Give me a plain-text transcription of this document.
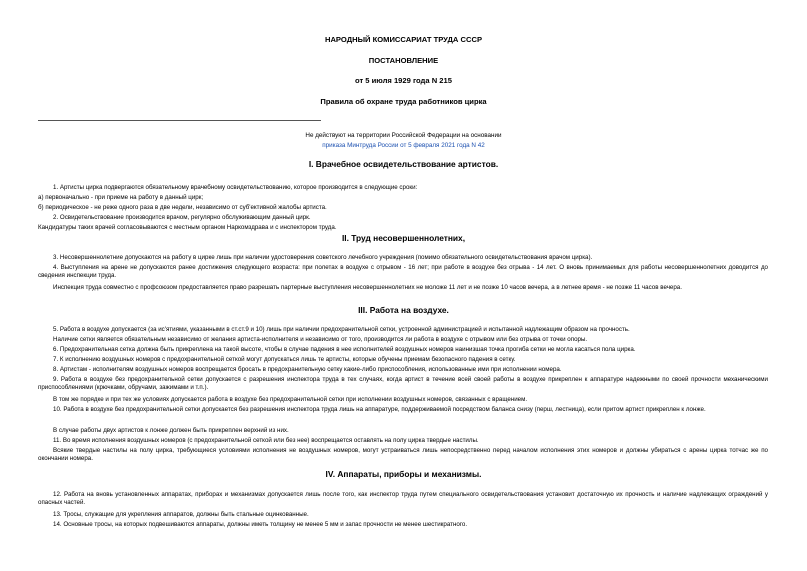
НАРОДНЫЙ КОМИССАРИАТ ТРУДА СССР
ПОСТАНОВЛЕНИЕ
от 5 июля 1929 года N 215
Правила об охране труда работников цирка
Не действуют на территории Российской Федерации на основании
приказа Минтруда России от 5 февраля 2021 года N 42
I. Врачебное освидетельствование артистов.
1. Артисты цирка подвергаются обязательному врачебному освидетельствованию, которое производится в следующие сроки:
а) первоначально - при приеме на работу в данный цирк;
б) периодическое - не реже одного раза в две недели, независимо от суб'ективной жалобы артиста.
2. Освидетельствование производится врачом, регулярно обслуживающим данный цирк.
Кандидатуры таких врачей согласовываются с местным органом Наркомздрава и с инспектором труда.
II. Труд несовершеннолетних,
3. Несовершеннолетние допускаются на работу в цирке лишь при наличии удостоверения советского лечебного учреждения (помимо обязательного освидетельствования врачом цирка).
4. Выступления на арене не допускаются ранее достижения следующего возраста: при полетах в воздухе с отрывом - 16 лет; при работе в воздухе без отрыва - 14 лет. О вновь принимаемых для работы несовершеннолетних доводится до сведения инспекции труда.
Инспекция труда совместно с профсоюзом предоставляется право разрешать партерные выступления несовершеннолетних не моложе 11 лет и не позже 10 часов вечера, а в летнее время - не позже 11 часов вечера.
III. Работа на воздухе.
5. Работа в воздухе допускается (за ис'ятиями, указанными в ст.ст.9 и 10) лишь при наличии предохранительной сетки, устроенной администрацией и испытанной надлежащим образом на прочность.
Наличие сетки является обязательным независимо от желания артиста-исполнителя и независимо от того, производится ли работа в воздухе с отрывом или без отрыва от точки опоры.
6. Предохранительная сетка должна быть прикреплена на такой высоте, чтобы в случае падения в нее исполнителей воздушных номеров наинизшая точка прогиба сетки не могла касаться пола цирка.
7. К исполнению воздушных номеров с предохранительной сеткой могут допускаться лишь те артисты, которые обучены приемам безопасного падения в сетку.
8. Артистам - исполнителям воздушных номеров воспрещается бросать в предохранительную сетку какие-либо приспособления, использованные ими при исполнении номера.
9. Работа в воздухе без предохранительной сетки допускается с разрешения инспектора труда в тех случаях, когда артист в течение всей своей работы в воздухе прикреплен к аппаратуре надежными по своей прочности механическими приспособлениями (крючками, обручами, зажимами и т.п.).
В том же порядке и при тех же условиях допускается работа в воздухе без предохранительной сетки при исполнении воздушных номеров, связанных с вращением.
10. Работа в воздухе без предохранительной сетки допускается без разрешения инспектора труда лишь на аппаратуре, поддерживаемой посредством баланса снизу (перш, лестница), если притом артист прикреплен к лонже.
В случае работы двух артистов к лонже должен быть прикреплен верхний из них.
11. Во время исполнения воздушных номеров (с предохранительной сеткой или без нее) воспрещается оставлять на полу цирка твердые настилы.
Всякие твердые настилы на полу цирка, требующиеся условиями исполнения не воздушных номеров, могут устраиваться лишь непосредственно перед началом исполнения этих номеров и должны убираться с арены цирка тотчас же по окончании номера.
IV. Аппараты, приборы и механизмы.
12. Работа на вновь установленных аппаратах, приборах и механизмах допускается лишь после того, как инспектор труда путем специального освидетельствования установит достаточную их прочность и наличие надлежащих ограждений у опасных частей.
13. Тросы, служащие для укрепления аппаратов, должны быть стальные оцинкованные.
14. Основные тросы, на которых подвешиваются аппараты, должны иметь толщину не менее 5 мм и запас прочности не менее шестикратного.
